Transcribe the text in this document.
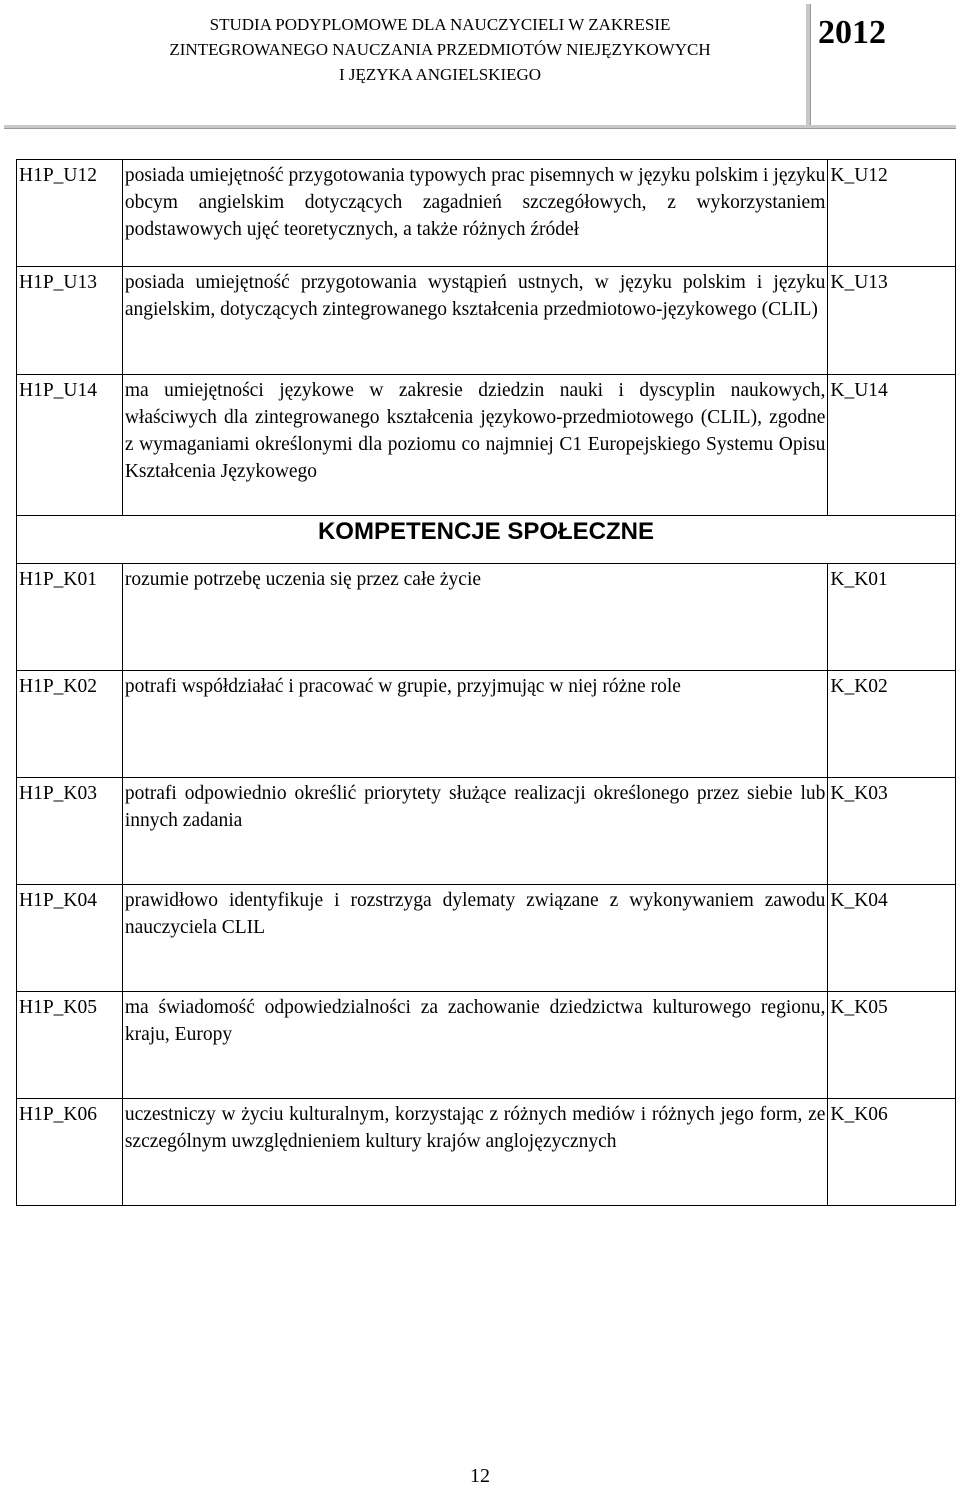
STUDIA PODYPLOMOWE DLA NAUCZYCIELI W ZAKRESIE
ZINTEGROWANEGO NAUCZANIA PRZEDMIOTÓW NIEJĘZYKOWYCH
I JĘZYKA ANGIELSKIEGO
2012
H1P_U12	posiada umiejętność przygotowania typowych prac pisemnych w języku polskim i języku obcym angielskim dotyczących zagadnień szczegółowych, z wykorzystaniem podstawowych ujęć teoretycznych, a także różnych źródeł	K_U12
H1P_U13	posiada umiejętność przygotowania wystąpień ustnych, w języku polskim i języku angielskim, dotyczących zintegrowanego kształcenia przedmiotowo-językowego (CLIL)	K_U13
H1P_U14	ma umiejętności językowe w zakresie dziedzin nauki i dyscyplin naukowych, właściwych dla zintegrowanego kształcenia językowo-przedmiotowego (CLIL), zgodne z wymaganiami określonymi dla poziomu co najmniej C1 Europejskiego Systemu Opisu Kształcenia Językowego	K_U14
KOMPETENCJE SPOŁECZNE		
H1P_K01	rozumie potrzebę uczenia się przez całe życie	K_K01
H1P_K02	potrafi współdziałać i pracować w grupie, przyjmując w niej różne role	K_K02
H1P_K03	potrafi odpowiednio określić priorytety służące realizacji określonego przez siebie lub innych zadania	K_K03
H1P_K04	prawidłowo identyfikuje i rozstrzyga dylematy związane z wykonywaniem zawodu nauczyciela CLIL	K_K04
H1P_K05	ma świadomość odpowiedzialności za zachowanie dziedzictwa kulturowego regionu, kraju, Europy	K_K05
H1P_K06	uczestniczy w życiu kulturalnym, korzystając z różnych mediów i różnych jego form, ze szczególnym uwzględnieniem kultury krajów anglojęzycznych	K_K06
12
